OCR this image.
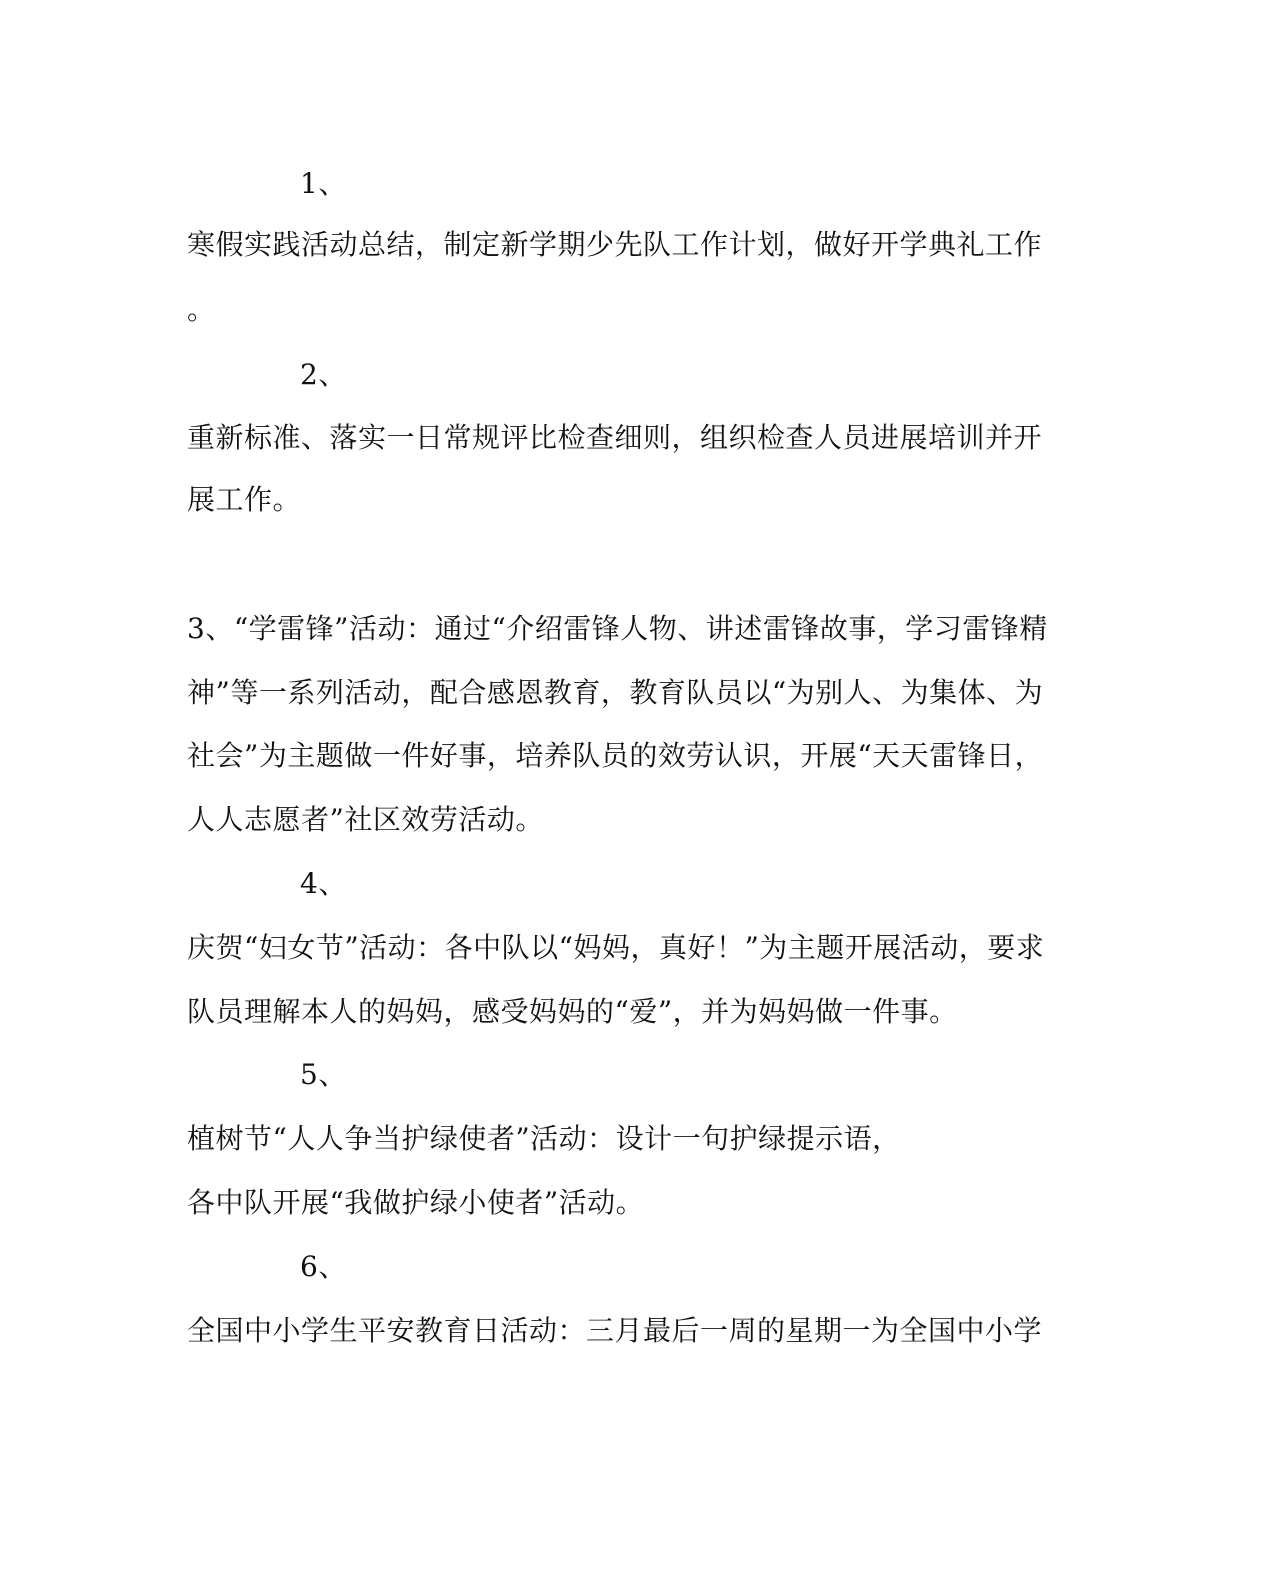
1、
寒假实践活动总结，制定新学期少先队工作计划，做好开学典礼工作
。
2、
重新标准、落实一日常规评比检查细则，组织检查人员进展培训并开
展工作。
3、“学雷锋”活动：通过“介绍雷锋人物、讲述雷锋故事，学习雷锋精
神”等一系列活动，配合感恩教育，教育队员以“为别人、为集体、为
社会”为主题做一件好事，培养队员的效劳认识，开展“天天雷锋日，
人人志愿者”社区效劳活动。
4、
庆贺“妇女节”活动：各中队以“妈妈，真好！”为主题开展活动，要求
队员理解本人的妈妈，感受妈妈的“爱”，并为妈妈做一件事。
5、
植树节“人人争当护绿使者”活动：设计一句护绿提示语，
各中队开展“我做护绿小使者”活动。
6、
全国中小学生平安教育日活动：三月最后一周的星期一为全国中小学
